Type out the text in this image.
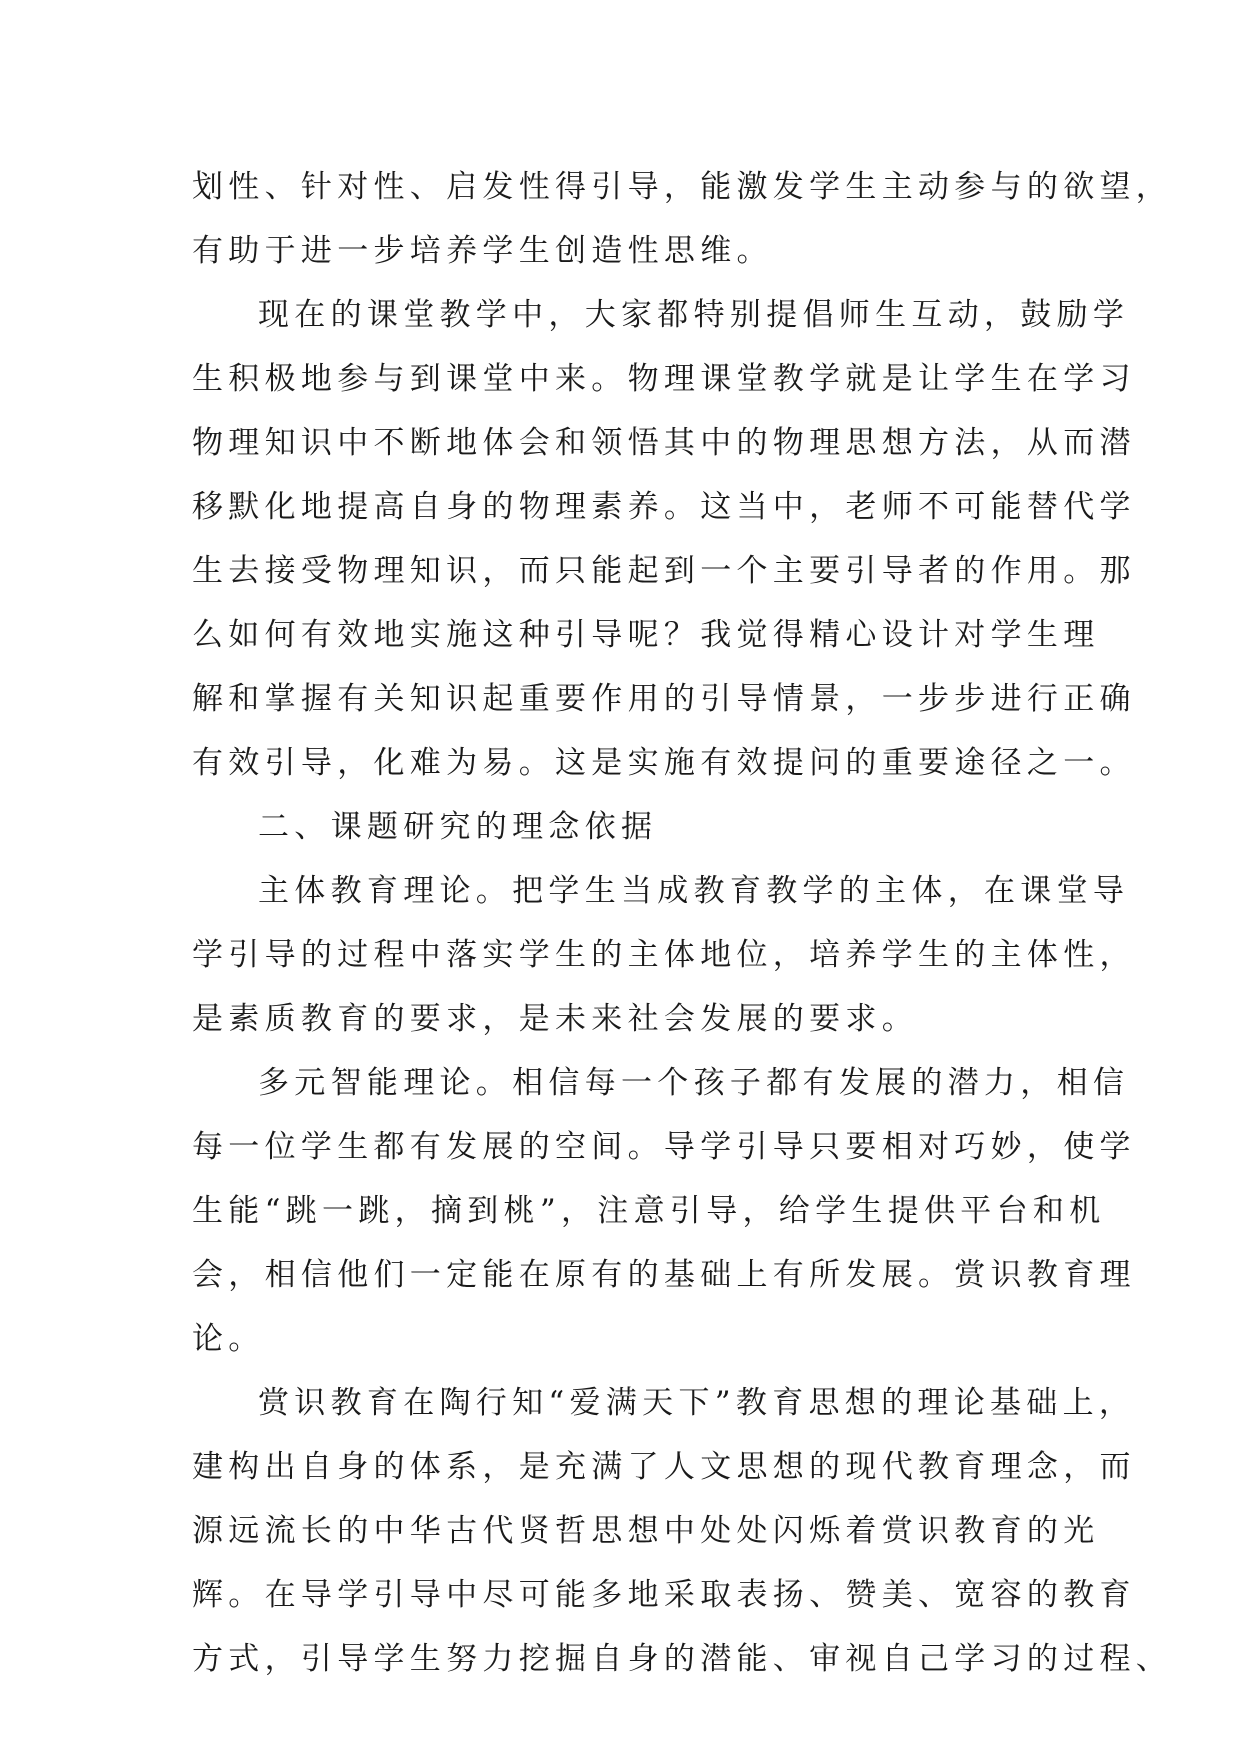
划性、针对性、启发性得引导，能激发学生主动参与的欲望，
有助于进一步培养学生创造性思维。
现在的课堂教学中，大家都特别提倡师生互动，鼓励学
生积极地参与到课堂中来。物理课堂教学就是让学生在学习
物理知识中不断地体会和领悟其中的物理思想方法，从而潜
移默化地提高自身的物理素养。这当中，老师不可能替代学
生去接受物理知识，而只能起到一个主要引导者的作用。那
么如何有效地实施这种引导呢？我觉得精心设计对学生理
解和掌握有关知识起重要作用的引导情景，一步步进行正确
有效引导，化难为易。这是实施有效提问的重要途径之一。
二、课题研究的理念依据
主体教育理论。把学生当成教育教学的主体，在课堂导
学引导的过程中落实学生的主体地位，培养学生的主体性，
是素质教育的要求，是未来社会发展的要求。
多元智能理论。相信每一个孩子都有发展的潜力，相信
每一位学生都有发展的空间。导学引导只要相对巧妙，使学
生能“跳一跳，摘到桃”，注意引导，给学生提供平台和机
会，相信他们一定能在原有的基础上有所发展。赏识教育理
论。
赏识教育在陶行知“爱满天下”教育思想的理论基础上，
建构出自身的体系，是充满了人文思想的现代教育理念，而
源远流长的中华古代贤哲思想中处处闪烁着赏识教育的光
辉。在导学引导中尽可能多地采取表扬、赞美、宽容的教育
方式，引导学生努力挖掘自身的潜能、审视自己学习的过程、
